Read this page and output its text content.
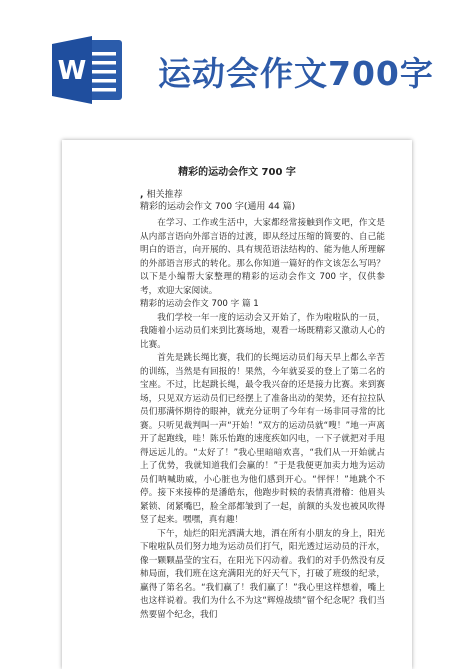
W 运动会作文700字
精彩的运动会作文 700 字
, 相关推荐
精彩的运动会作文 700 字(通用 44 篇)

在学习、工作或生活中，大家都经常接触到作文吧，作文是从内部言语向外部言语的过渡，即从经过压缩的简要的、自己能明白的语言，向开展的、具有规范语法结构的、能为他人所理解的外部语言形式的转化。那么你知道一篇好的作文该怎么写吗？以下是小编帮大家整理的精彩的运动会作文 700 字，仅供参考，欢迎大家阅读。

精彩的运动会作文 700 字 篇 1

我们学校一年一度的运动会又开始了，作为啦啦队的一员，我随着小运动员们来到比赛场地，观看一场既精彩又激动人心的比赛。

首先是跳长绳比赛，我们的长绳运动员们每天早上都么辛苦的训练，当然是有回报的！果然，今年就妥妥的登上了第二名的宝座。不过，比起跳长绳，最令我兴奋的还是接力比赛。来到赛场，只见双方运动员们已经摆上了准备出动的架势，还有拉拉队员们那满怀期待的眼神，就充分证明了今年有一场非同寻常的比赛。只听见裁判叫一声“开始！”双方的运动员就“嗖！”地一声离开了起跑线，哇！陈乐怡跑的速度疾如闪电，一下子就把对手甩得远远儿的。“太好了！”我心里暗暗欢喜，“我们从一开始就占上了优势，我就知道我们会赢的！”于是我便更加卖力地为运动员们呐喊助威，小心脏也为他们感到开心。“怦怦！”地跳个不停。接下来接棒的是潘皓东，他跑步时候的表情真滑稽：他眉头紧锁、闭紧嘴巴，脸全部都皱到了一起，前额的头发也被风吹得竖了起来。嘿嘿，真有趣！

下午，灿烂的阳光洒满大地，洒在所有小朋友的身上，阳光下啦啦队员们努力地为运动员们打气，阳光透过运动员的汗水，像一颗颗晶莹的宝石，在阳光下闪动着。我们的对手仍然没有反柿局面，我们班在这充满阳光的好天气下，打破了班级的纪录，赢得了第名名。“我们赢了！我们赢了！”我心里这样想着，嘴上也这样说着。我们为什么不为这“辉煌战绩”留个纪念呢？我们当然要留个纪念，我们
